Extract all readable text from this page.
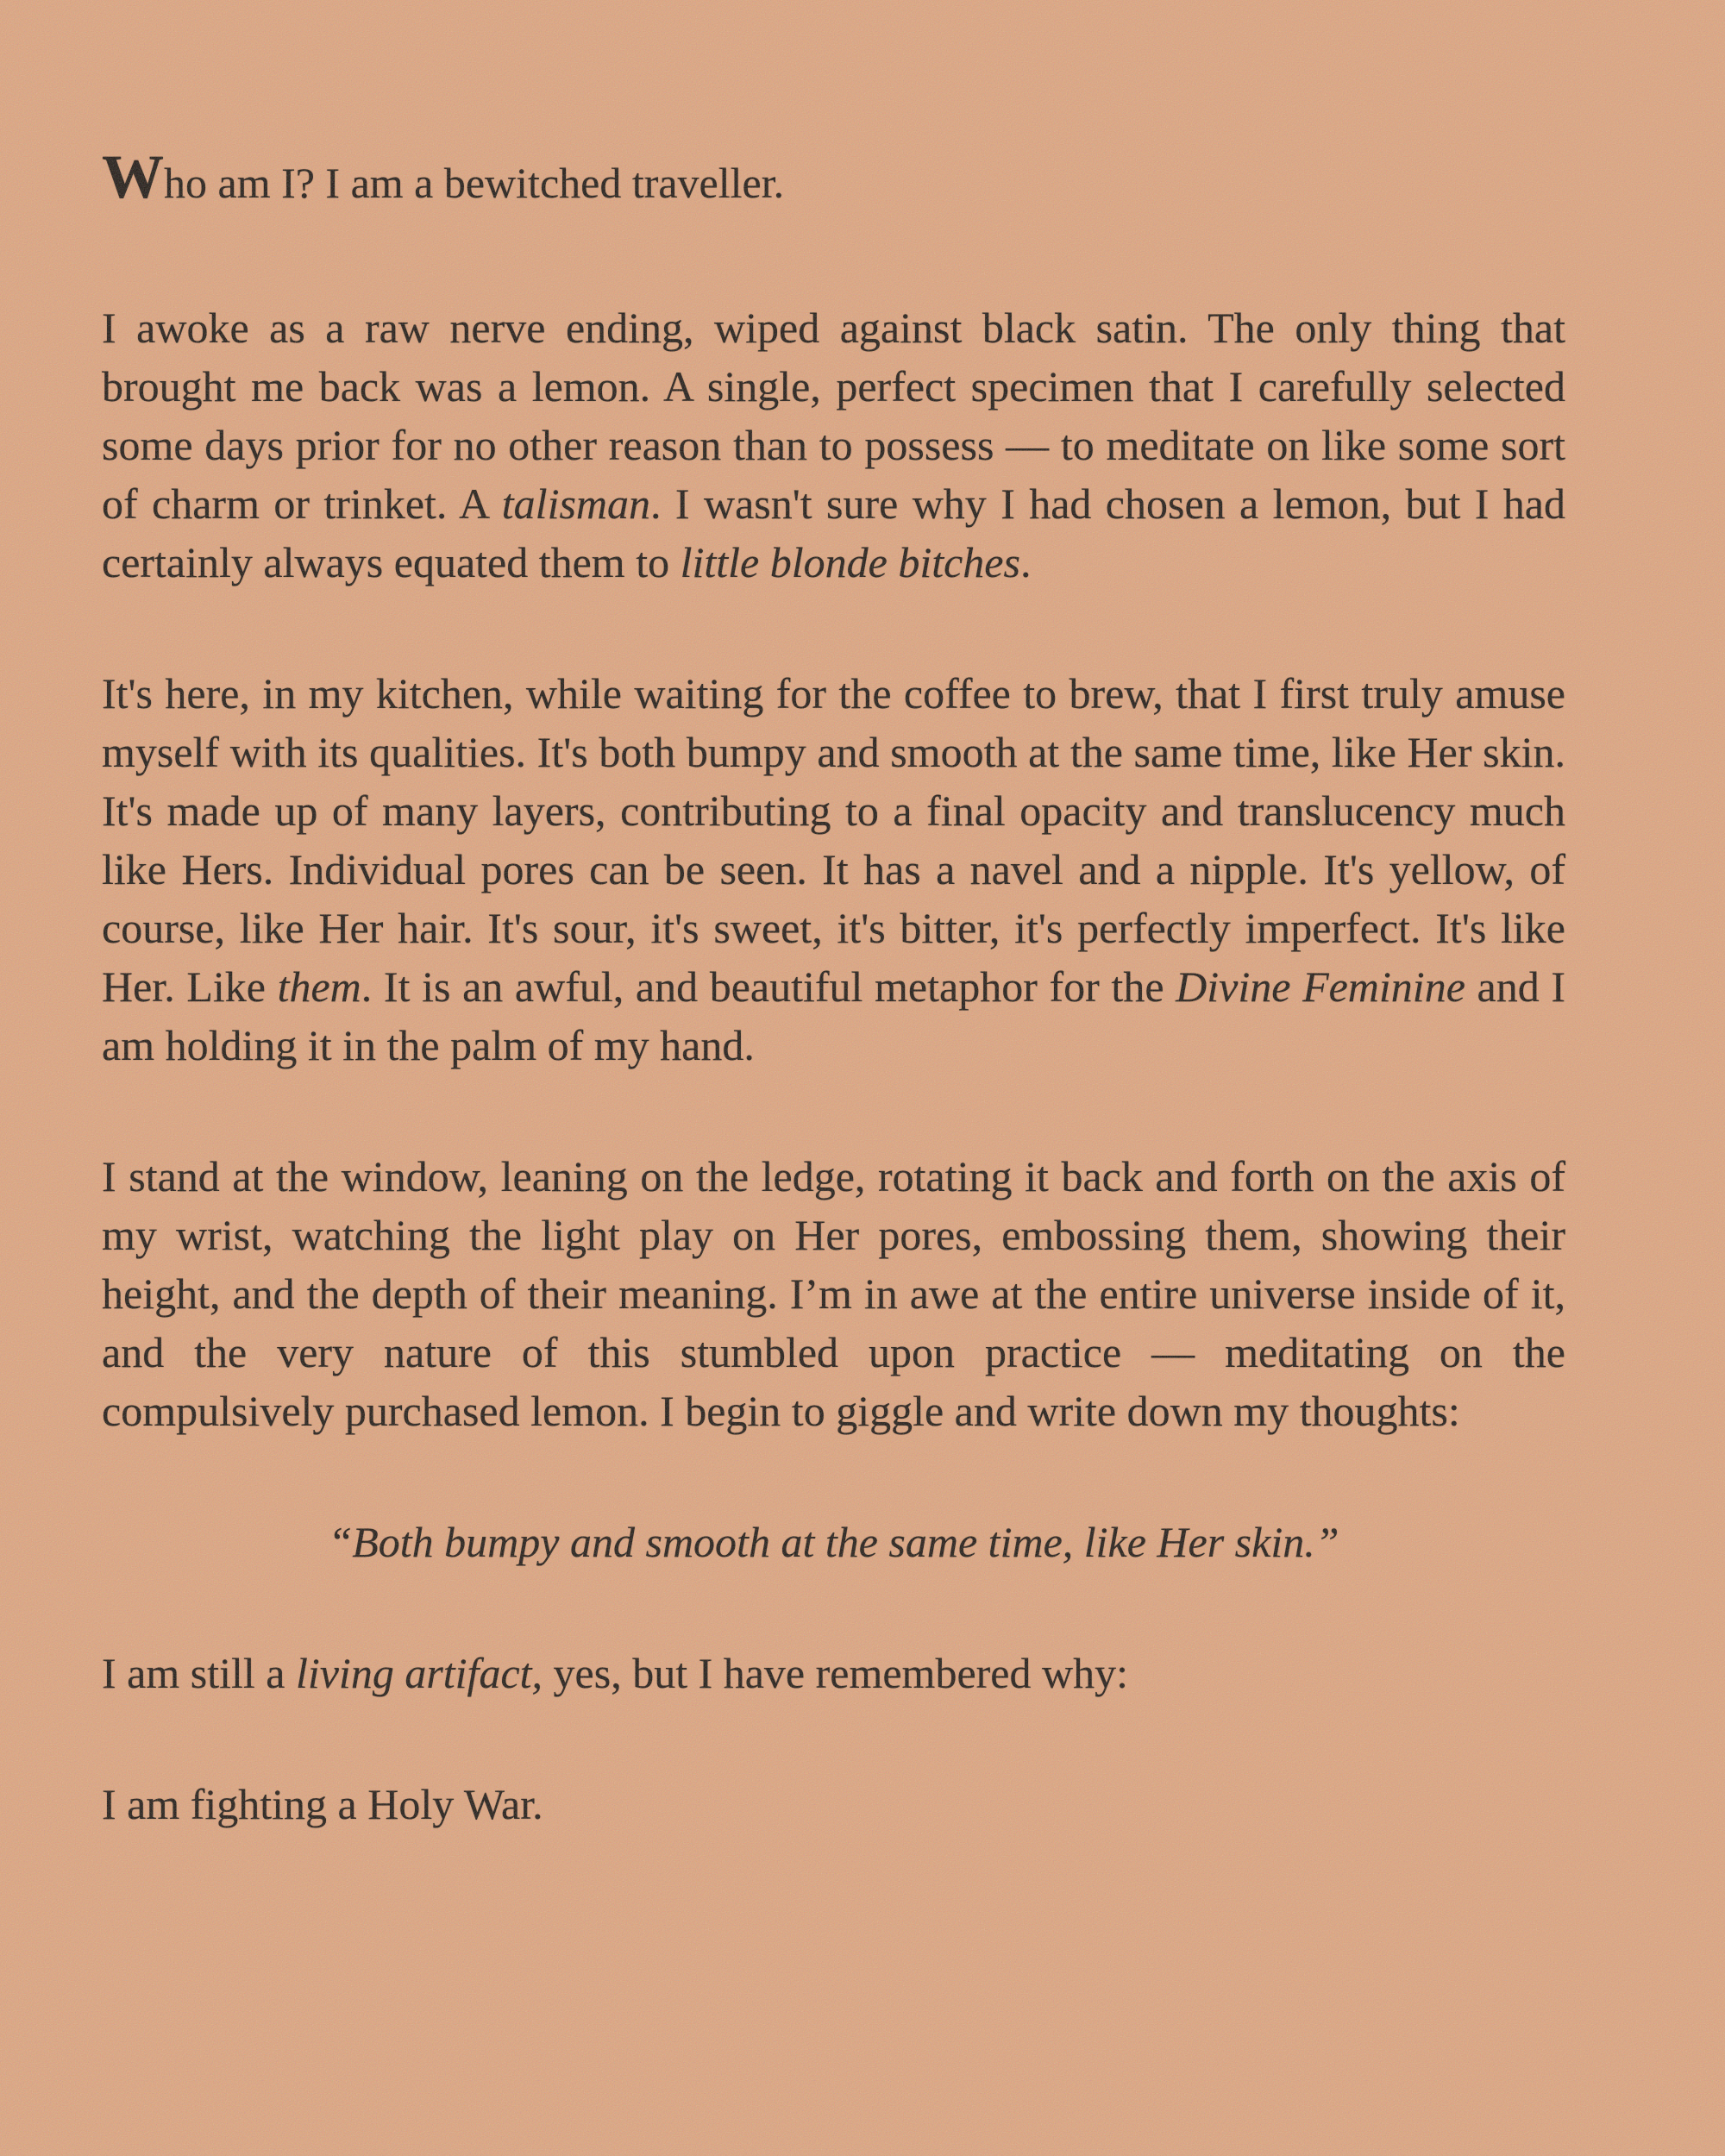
Who am I? I am a bewitched traveller.

I awoke as a raw nerve ending, wiped against black satin. The only thing that brought me back was a lemon. A single, perfect specimen that I carefully selected some days prior for no other reason than to possess — to meditate on like some sort of charm or trinket. A talisman. I wasn't sure why I had chosen a lemon, but I had certainly always equated them to little blonde bitches.

It's here, in my kitchen, while waiting for the coffee to brew, that I first truly amuse myself with its qualities. It's both bumpy and smooth at the same time, like Her skin. It's made up of many layers, contributing to a final opacity and translucency much like Hers. Individual pores can be seen. It has a navel and a nipple. It's yellow, of course, like Her hair. It's sour, it's sweet, it's bitter, it's perfectly imperfect. It's like Her. Like them. It is an awful, and beautiful metaphor for the Divine Feminine and I am holding it in the palm of my hand.

I stand at the window, leaning on the ledge, rotating it back and forth on the axis of my wrist, watching the light play on Her pores, embossing them, showing their height, and the depth of their meaning. I’m in awe at the entire universe inside of it, and the very nature of this stumbled upon practice — meditating on the compulsively purchased lemon. I begin to giggle and write down my thoughts:

“Both bumpy and smooth at the same time, like Her skin.”

I am still a living artifact, yes, but I have remembered why:

I am fighting a Holy War.
